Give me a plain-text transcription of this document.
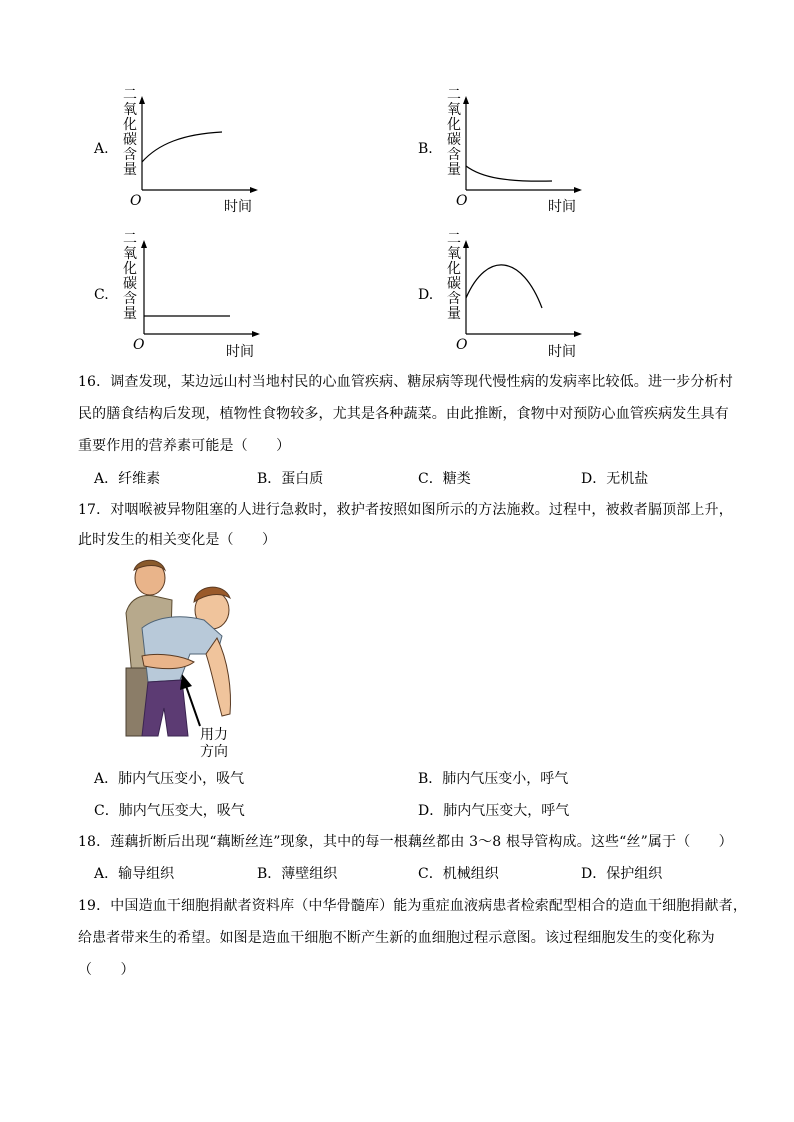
A.
二
氧
化
碳
含
量
O	时间
B.
二
氧
化
碳
含
量
O	时间
C.
二
氧
化
碳
含
量
O	时间
D.
二
氧
化
碳
含
量
O	时间
16．调查发现，某边远山村当地村民的心血管疾病、糖尿病等现代慢性病的发病率比较低。进一步分析村
民的膳食结构后发现，植物性食物较多，尤其是各种蔬菜。由此推断，食物中对预防心血管疾病发生具有
重要作用的营养素可能是（　　）
A．纤维素	B．蛋白质	C．糖类	D．无机盐
17．对咽喉被异物阻塞的人进行急救时，救护者按照如图所示的方法施救。过程中，被救者膈顶部上升，
此时发生的相关变化是（　　）
用力
方向
A．肺内气压变小，吸气	B．肺内气压变小，呼气
C．肺内气压变大，吸气	D．肺内气压变大，呼气
18．莲藕折断后出现“藕断丝连”现象，其中的每一根藕丝都由 3～8 根导管构成。这些“丝”属于（　　）
A．输导组织	B．薄壁组织	C．机械组织	D．保护组织
19．中国造血干细胞捐献者资料库（中华骨髓库）能为重症血液病患者检索配型相合的造血干细胞捐献者，
给患者带来生的希望。如图是造血干细胞不断产生新的血细胞过程示意图。该过程细胞发生的变化称为
（　　）
